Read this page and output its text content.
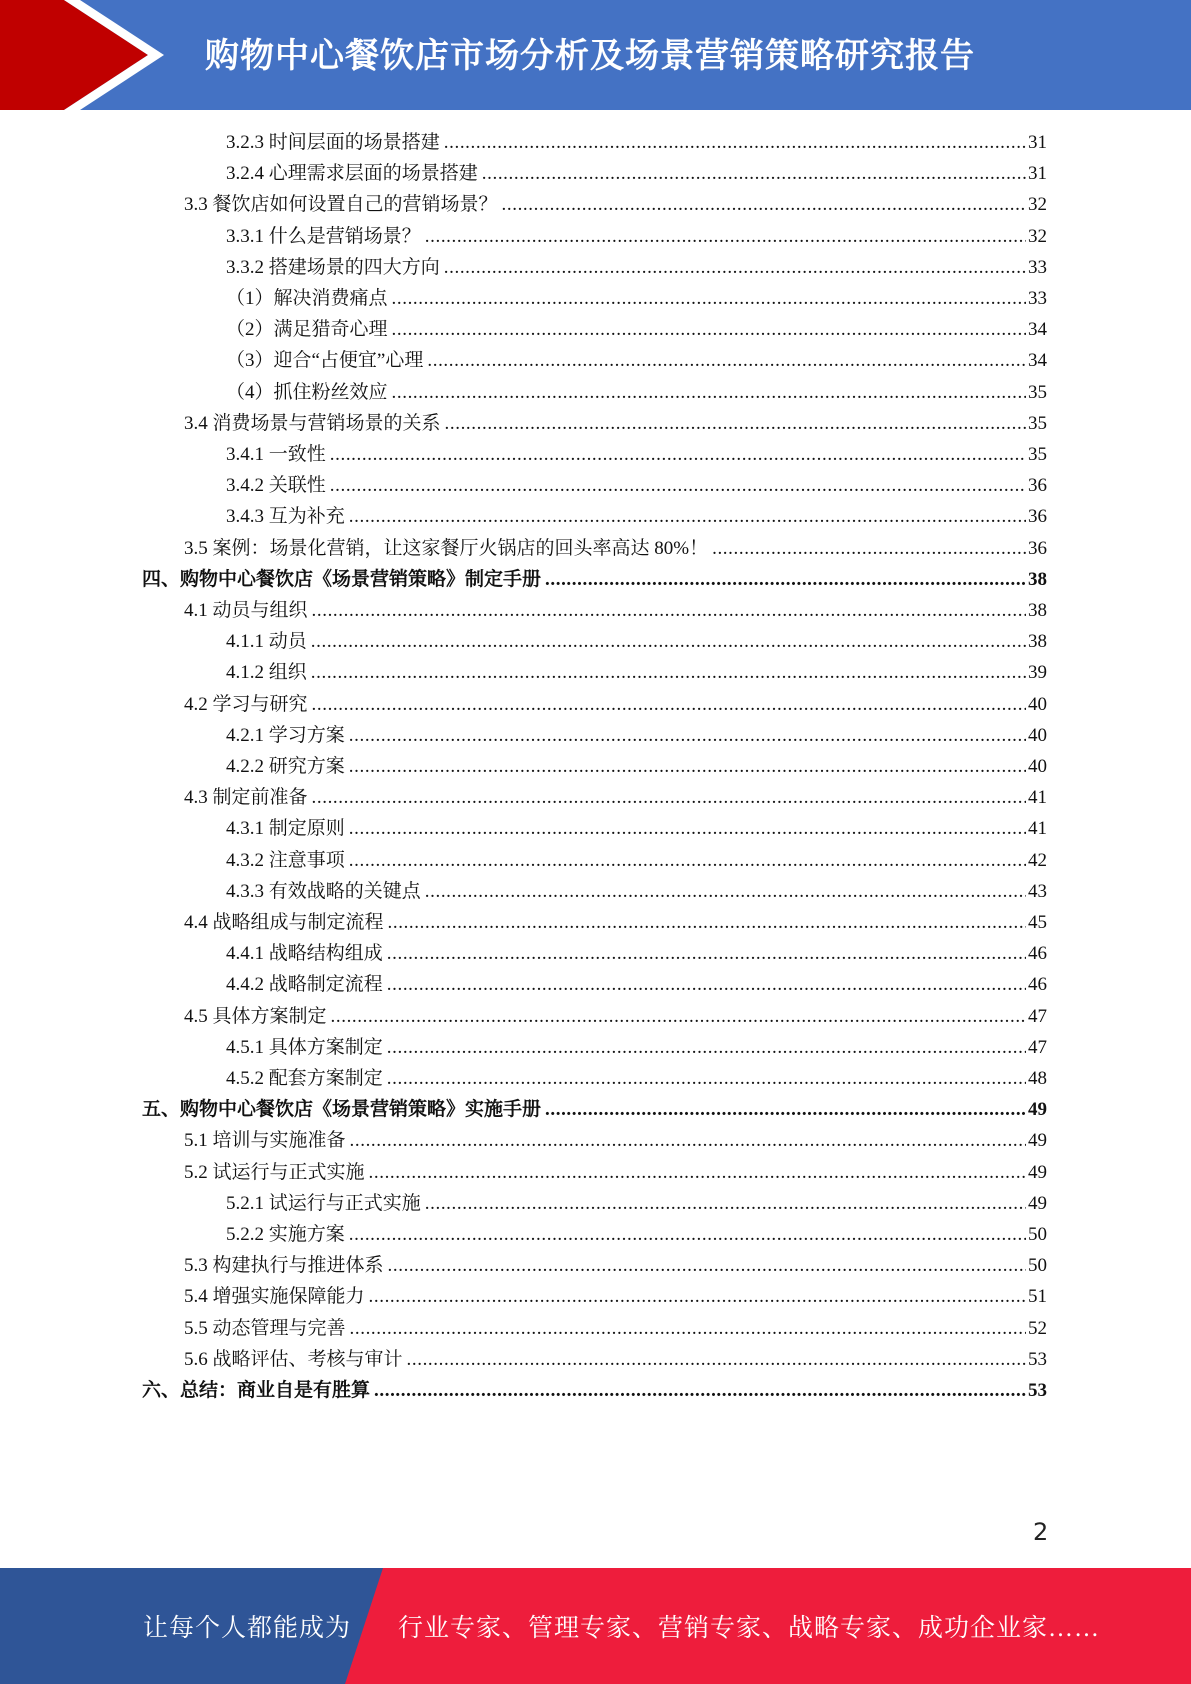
购物中心餐饮店市场分析及场景营销策略研究报告
3.2.3 时间层面的场景搭建 .....	31
3.2.4 心理需求层面的场景搭建 .....	31
3.3 餐饮店如何设置自己的营销场景？ .....	32
3.3.1 什么是营销场景？ .....	32
3.3.2 搭建场景的四大方向 .....	33
（1）解决消费痛点 .....	33
（2）满足猎奇心理 .....	34
（3）迎合“占便宜”心理 .....	34
（4）抓住粉丝效应 .....	35
3.4 消费场景与营销场景的关系 .....	35
3.4.1 一致性 .....	35
3.4.2 关联性 .....	36
3.4.3 互为补充 .....	36
3.5 案例：场景化营销，让这家餐厅火锅店的回头率高达 80%！ .....	36
四、购物中心餐饮店《场景营销策略》制定手册 .....	38
4.1 动员与组织 .....	38
4.1.1 动员 .....	38
4.1.2 组织 .....	39
4.2 学习与研究 .....	40
4.2.1 学习方案 .....	40
4.2.2 研究方案 .....	40
4.3 制定前准备 .....	41
4.3.1 制定原则 .....	41
4.3.2 注意事项 .....	42
4.3.3 有效战略的关键点 .....	43
4.4 战略组成与制定流程 .....	45
4.4.1 战略结构组成 .....	46
4.4.2 战略制定流程 .....	46
4.5 具体方案制定 .....	47
4.5.1 具体方案制定 .....	47
4.5.2 配套方案制定 .....	48
五、购物中心餐饮店《场景营销策略》实施手册 .....	49
5.1 培训与实施准备 .....	49
5.2 试运行与正式实施 .....	49
5.2.1 试运行与正式实施 .....	49
5.2.2 实施方案 .....	50
5.3 构建执行与推进体系 .....	50
5.4 增强实施保障能力 .....	51
5.5 动态管理与完善 .....	52
5.6 战略评估、考核与审计 .....	53
六、总结：商业自是有胜算 .....	53
2
让每个人都能成为 行业专家、管理专家、营销专家、战略专家、成功企业家……
